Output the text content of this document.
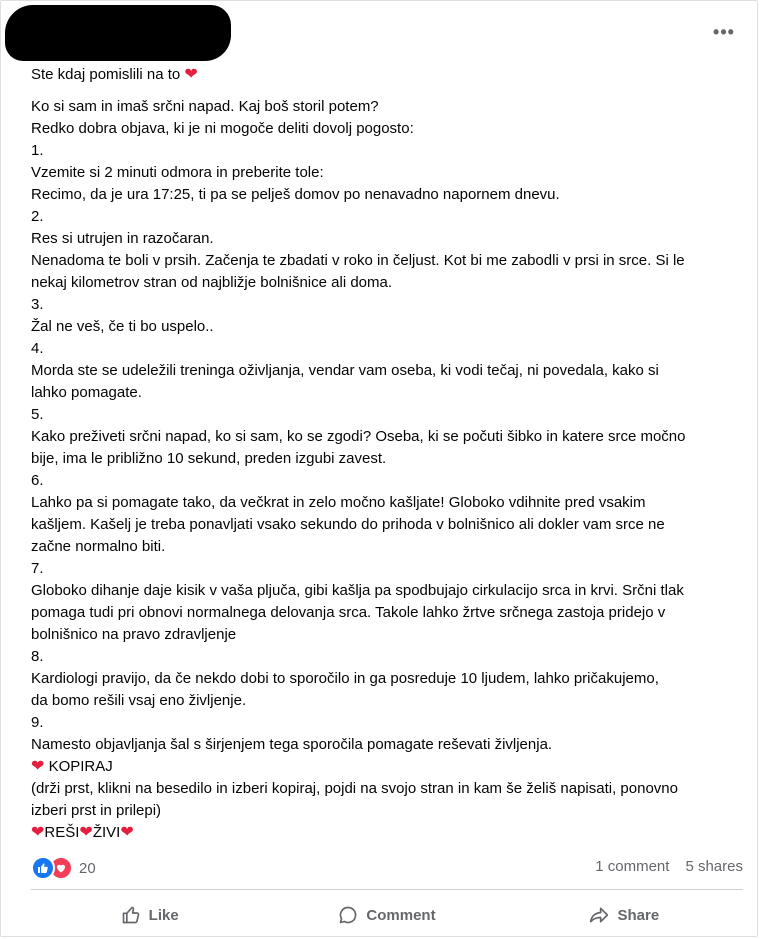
•••
Ste kdaj pomislili na to ❤
Ko si sam in imaš srčni napad. Kaj boš storil potem?
Redko dobra objava, ki je ni mogoče deliti dovolj pogosto:
1.
Vzemite si 2 minuti odmora in preberite tole:
Recimo, da je ura 17:25, ti pa se pelješ domov po nenavadno napornem dnevu.
2.
Res si utrujen in razočaran.
Nenadoma te boli v prsih. Začenja te zbadati v roko in čeljust. Kot bi me zabodli v prsi in srce. Si le
nekaj kilometrov stran od najbližje bolnišnice ali doma.
3.
Žal ne veš, če ti bo uspelo..
4.
Morda ste se udeležili treninga oživljanja, vendar vam oseba, ki vodi tečaj, ni povedala, kako si
lahko pomagate.
5.
Kako preživeti srčni napad, ko si sam, ko se zgodi? Oseba, ki se počuti šibko in katere srce močno
bije, ima le približno 10 sekund, preden izgubi zavest.
6.
Lahko pa si pomagate tako, da večkrat in zelo močno kašljate! Globoko vdihnite pred vsakim
kašljem. Kašelj je treba ponavljati vsako sekundo do prihoda v bolnišnico ali dokler vam srce ne
začne normalno biti.
7.
Globoko dihanje daje kisik v vaša pljuča, gibi kašlja pa spodbujajo cirkulacijo srca in krvi. Srčni tlak
pomaga tudi pri obnovi normalnega delovanja srca. Takole lahko žrtve srčnega zastoja pridejo v
bolnišnico na pravo zdravljenje
8.
Kardiologi pravijo, da če nekdo dobi to sporočilo in ga posreduje 10 ljudem, lahko pričakujemo,
da bomo rešili vsaj eno življenje.
9.
Namesto objavljanja šal s širjenjem tega sporočila pomagate reševati življenja.
❤ KOPIRAJ
(drži prst, klikni na besedilo in izberi kopiraj, pojdi na svojo stran in kam še želiš napisati, ponovno
izberi prst in prilepi)
❤REŠI❤ŽIVI❤
20	1 comment 5 shares
Like	Comment	Share
